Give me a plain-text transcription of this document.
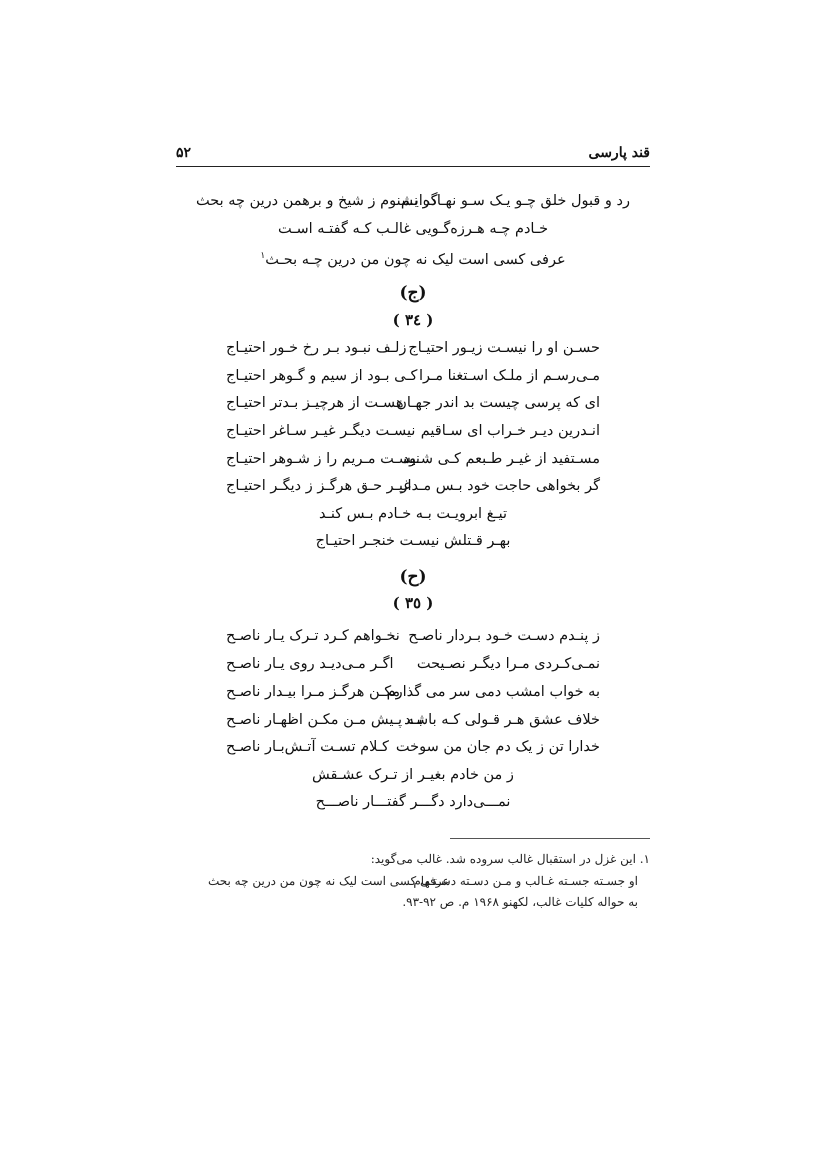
قند پارسی
۵۲
رد و قبول خلق چـو یـک سـو نهـاده‌ایـم
گر نشنوم ز شیخ و برهمن درین چه بحث
خـادم چـه هـرزه‌گـویی غالـب کـه گفتـه اسـت
عرفی کسی است لیک نه چون من درین چـه بحـث$^۱$
(ج)
( ٣٤ )
حسـن او را نیسـت زیـور احتیـاج
زلـف نبـود بـر رخ خـور احتیـاج
مـی‌رسـم از ملـک اسـتغنا مـرا
کـی بـود از سیم و گـوهر احتیـاج
ای که پرسی چیست بد اندر جهـان
هسـت از هرچیـز بـدتر احتیـاج
انـدرین دیـر خـراب ای سـاقیم
نیسـت دیگـر غیـر سـاغر احتیـاج
مسـتفید از غیـر طـبعم کـی شـود
نیسـت مـریم را ز شـوهر احتیـاج
گر بخواهی حاجت خود بـس مـدار
غیـر حـق هرگـز ز دیگـر احتیـاج
تیـغ ابرویـت بـه خـادم بـس کنـد
بهـر قـتلش نیسـت خنجـر احتیـاج
(ح)
( ٣٥ )
ز پنـدم دسـت خـود بـردار ناصـح
نخـواهم کـرد تـرک یـار ناصـح
نمـی‌کـردی مـرا دیگـر نصـیحت
اگـر مـی‌دیـد روی یـار ناصـح
به خواب امشب دمی سر می گذارم
مکـن هرگـز مـرا بیـدار ناصـح
خلاف عشق هـر قـولی کـه باشـد
بـه پـیش مـن مکـن اظهـار ناصـح
خدارا تن ز یک دم جان من سوخت
کـلام تسـت آتـش‌بـار ناصـح
ز من خادم بغیـر از تـرک عشـقش
نمـــی‌دارد دگـــر گفتـــار ناصـــح
۱. این غزل در استقبال غالب سروده شد. غالب می‌گوید:
او جسـته جسـته غـالب و مـن دسـته دسـتـهام
عرفی کسی است لیک نه چون من درین چه بحث
به حواله کلیات غالب، لکهنو ۱۹۶۸ م. ص ۹۲-۹۳.
